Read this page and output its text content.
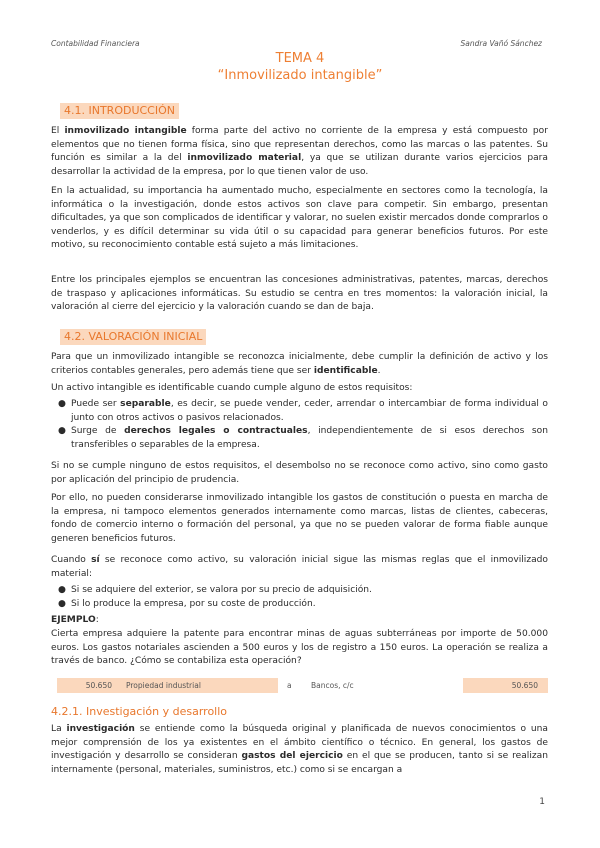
Contabilidad Financiera	Sandra Vañó Sánchez
TEMA 4
“Inmovilizado intangible”
4.1. INTRODUCCIÓN

El inmovilizado intangible forma parte del activo no corriente de la empresa y está compuesto por elementos que no tienen forma física, sino que representan derechos, como las marcas o las patentes. Su función es similar a la del inmovilizado material, ya que se utilizan durante varios ejercicios para desarrollar la actividad de la empresa, por lo que tienen valor de uso.

En la actualidad, su importancia ha aumentado mucho, especialmente en sectores como la tecnología, la informática o la investigación, donde estos activos son clave para competir. Sin embargo, presentan dificultades, ya que son complicados de identificar y valorar, no suelen existir mercados donde comprarlos o venderlos, y es difícil determinar su vida útil o su capacidad para generar beneficios futuros. Por este motivo, su reconocimiento contable está sujeto a más limitaciones.

Entre los principales ejemplos se encuentran las concesiones administrativas, patentes, marcas, derechos de traspaso y aplicaciones informáticas. Su estudio se centra en tres momentos: la valoración inicial, la valoración al cierre del ejercicio y la valoración cuando se dan de baja.

4.2. VALORACIÓN INICIAL

Para que un inmovilizado intangible se reconozca inicialmente, debe cumplir la definición de activo y los criterios contables generales, pero además tiene que ser identificable.

Un activo intangible es identificable cuando cumple alguno de estos requisitos:

● Puede ser separable, es decir, se puede vender, ceder, arrendar o intercambiar de forma individual o junto con otros activos o pasivos relacionados.
● Surge de derechos legales o contractuales, independientemente de si esos derechos son transferibles o separables de la empresa.

Si no se cumple ninguno de estos requisitos, el desembolso no se reconoce como activo, sino como gasto por aplicación del principio de prudencia.

Por ello, no pueden considerarse inmovilizado intangible los gastos de constitución o puesta en marcha de la empresa, ni tampoco elementos generados internamente como marcas, listas de clientes, cabeceras, fondo de comercio interno o formación del personal, ya que no se pueden valorar de forma fiable aunque generen beneficios futuros.

Cuando sí se reconoce como activo, su valoración inicial sigue las mismas reglas que el inmovilizado material:

● Si se adquiere del exterior, se valora por su precio de adquisición.
● Si lo produce la empresa, por su coste de producción.

EJEMPLO:

Cierta empresa adquiere la patente para encontrar minas de aguas subterráneas por importe de 50.000 euros. Los gastos notariales ascienden a 500 euros y los de registro a 150 euros. La operación se realiza a través de banco. ¿Cómo se contabiliza esta operación?

50.650 Propiedad industrial	a	Bancos, c/c	50.650
4.2.1. Investigación y desarrollo

La investigación se entiende como la búsqueda original y planificada de nuevos conocimientos o una mejor comprensión de los ya existentes en el ámbito científico o técnico. En general, los gastos de investigación y desarrollo se consideran gastos del ejercicio en el que se producen, tanto si se realizan internamente (personal, materiales, suministros, etc.) como si se encargan a

1
